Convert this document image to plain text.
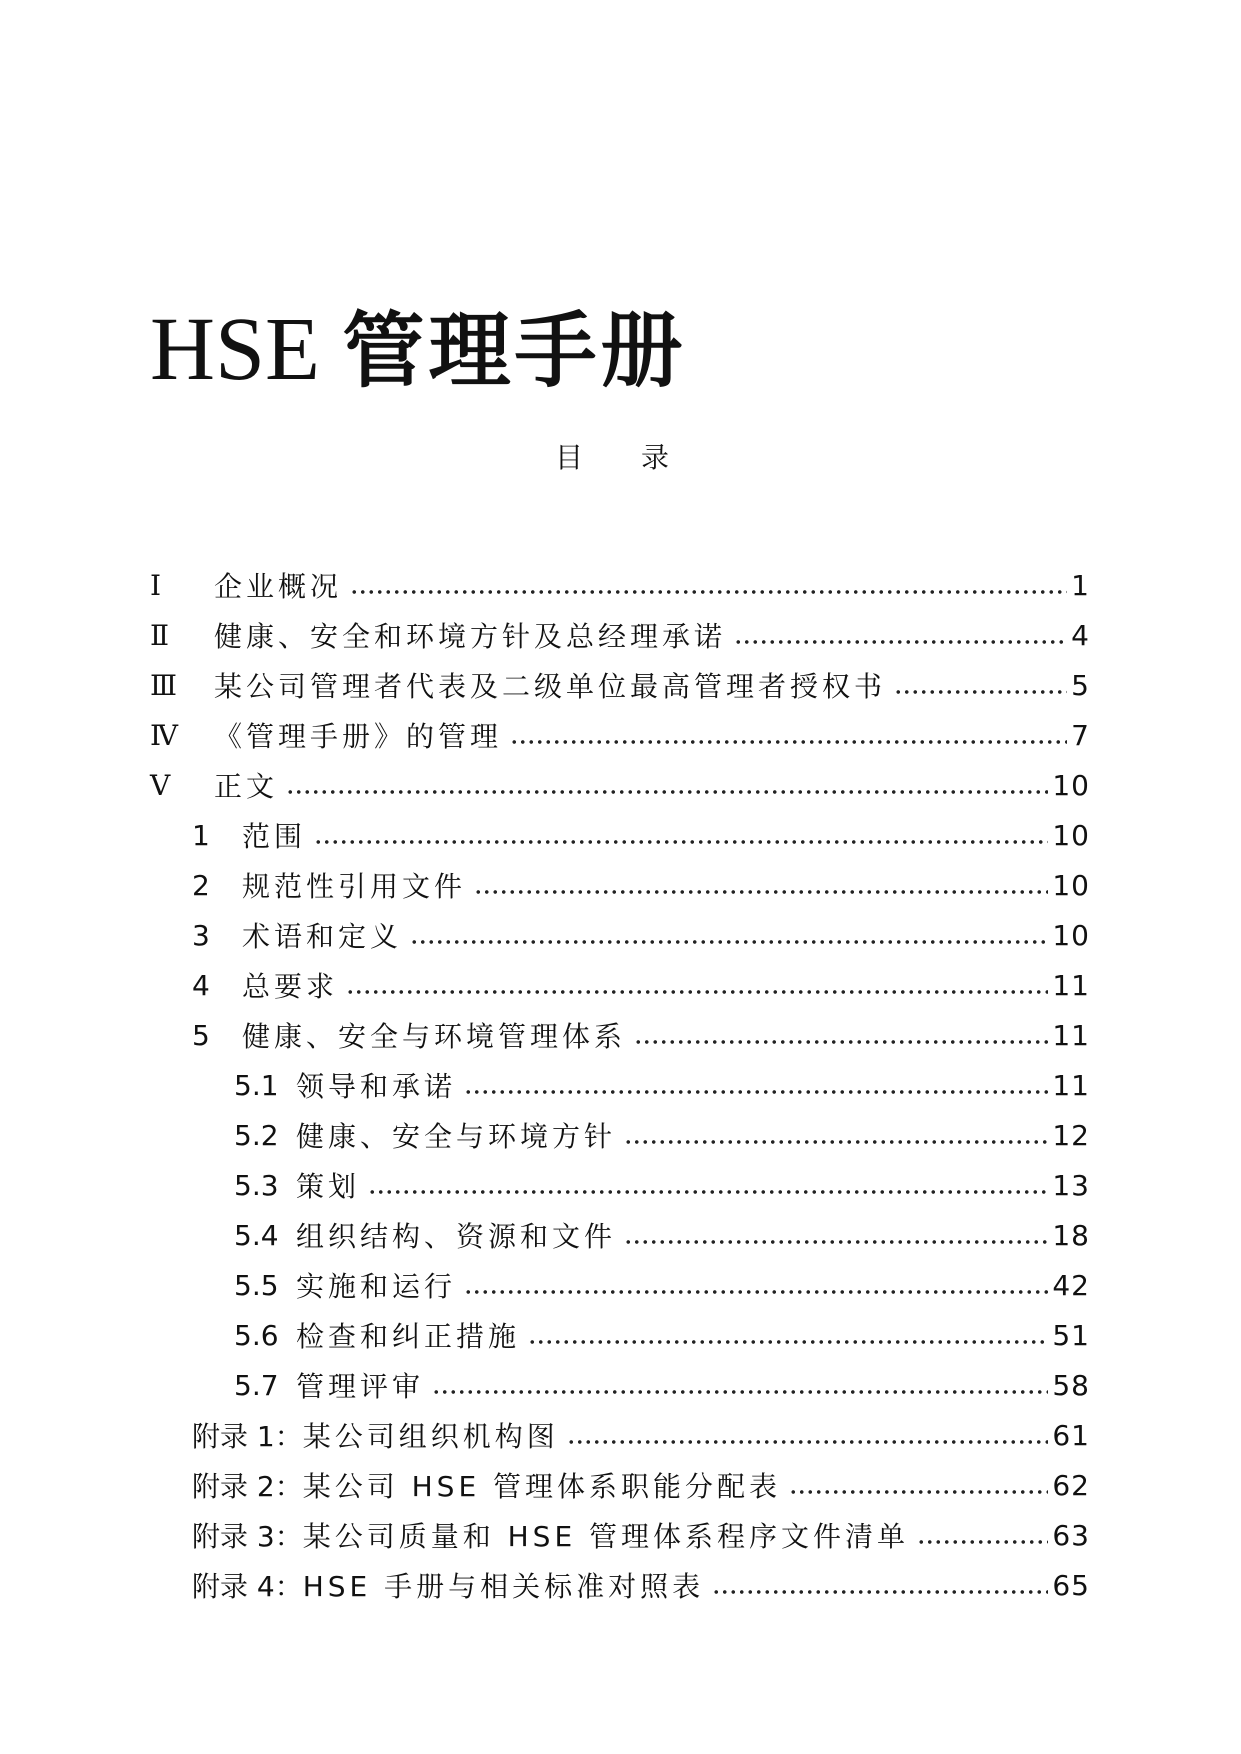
HSE 管理手册
目录
Ⅰ	企业概况	1
Ⅱ	健康、安全和环境方针及总经理承诺	4
Ⅲ	某公司管理者代表及二级单位最高管理者授权书	5
Ⅳ	《管理手册》的管理	7
Ⅴ	正文	10
1	范围	10
2	规范性引用文件	10
3	术语和定义	10
4	总要求	11
5	健康、安全与环境管理体系	11
5.1 领导和承诺	11
5.2 健康、安全与环境方针	12
5.3 策划	13
5.4 组织结构、资源和文件	18
5.5 实施和运行	42
5.6 检查和纠正措施	51
5.7 管理评审	58
附录 1： 某公司组织机构图	61
附录 2： 某公司 HSE 管理体系职能分配表	62
附录 3： 某公司质量和 HSE 管理体系程序文件清单	63
附录 4： HSE 手册与相关标准对照表	65
